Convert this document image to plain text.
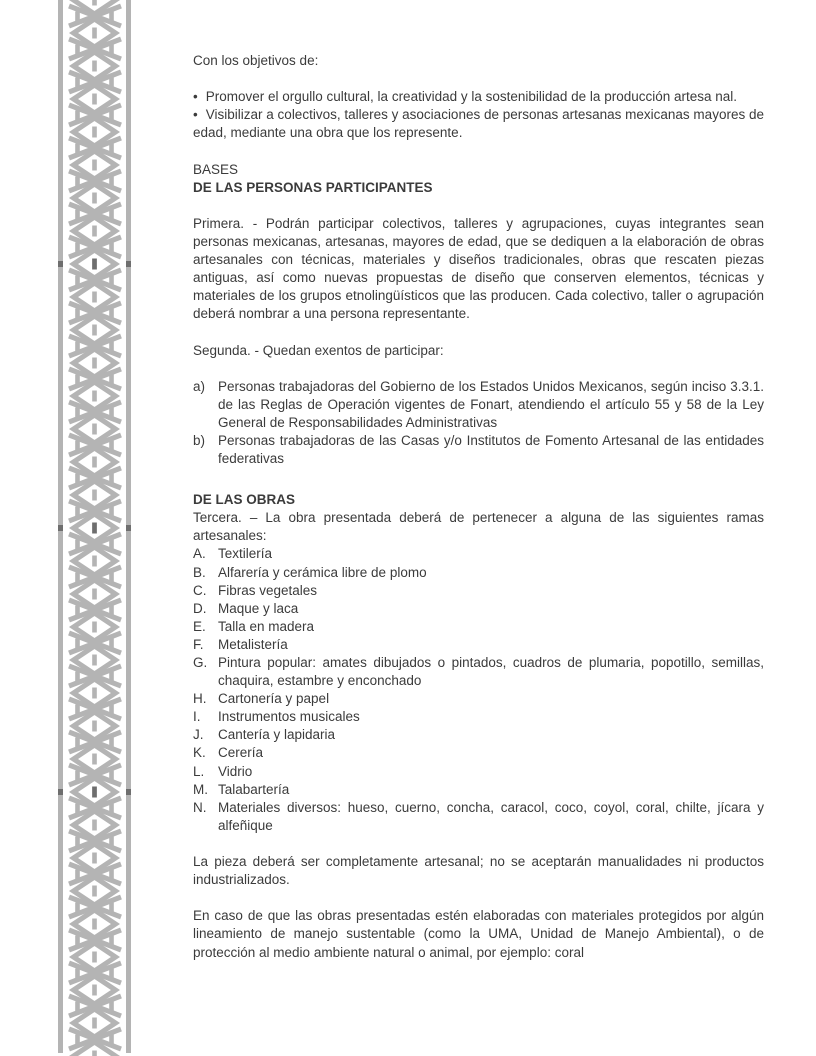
Con los objetivos de:

• Promover el orgullo cultural, la creatividad y la sostenibilidad de la producción artesa nal.

• Visibilizar a colectivos, talleres y asociaciones de personas artesanas mexicanas mayores de edad, mediante una obra que los represente.

BASES

DE LAS PERSONAS PARTICIPANTES

Primera. - Podrán participar colectivos, talleres y agrupaciones, cuyas integrantes sean personas mexicanas, artesanas, mayores de edad, que se dediquen a la elaboración de obras artesanales con técnicas, materiales y diseños tradicionales, obras que rescaten piezas antiguas, así como nuevas propuestas de diseño que conserven elementos, técnicas y materiales de los grupos etnolingüísticos que las producen. Cada colectivo, taller o agrupación deberá nombrar a una persona representante.

Segunda. - Quedan exentos de participar:

a) Personas trabajadoras del Gobierno de los Estados Unidos Mexicanos, según inciso 3.3.1. de las Reglas de Operación vigentes de Fonart, atendiendo el artículo 55 y 58 de la Ley General de Responsabilidades Administrativas
b) Personas trabajadoras de las Casas y/o Institutos de Fomento Artesanal de las entidades federativas

DE LAS OBRAS

Tercera. – La obra presentada deberá de pertenecer a alguna de las siguientes ramas artesanales:

A. Textilería
B. Alfarería y cerámica libre de plomo
C. Fibras vegetales
D. Maque y laca
E. Talla en madera
F. Metalistería
G. Pintura popular: amates dibujados o pintados, cuadros de plumaria, popotillo, semillas, chaquira, estambre y enconchado
H. Cartonería y papel
I. Instrumentos musicales
J. Cantería y lapidaria
K. Cerería
L. Vidrio
M. Talabartería
N. Materiales diversos: hueso, cuerno, concha, caracol, coco, coyol, coral, chilte, jícara y alfeñique

La pieza deberá ser completamente artesanal; no se aceptarán manualidades ni productos industrializados.

En caso de que las obras presentadas estén elaboradas con materiales protegidos por algún lineamiento de manejo sustentable (como la UMA, Unidad de Manejo Ambiental), o de protección al medio ambiente natural o animal, por ejemplo: coral
